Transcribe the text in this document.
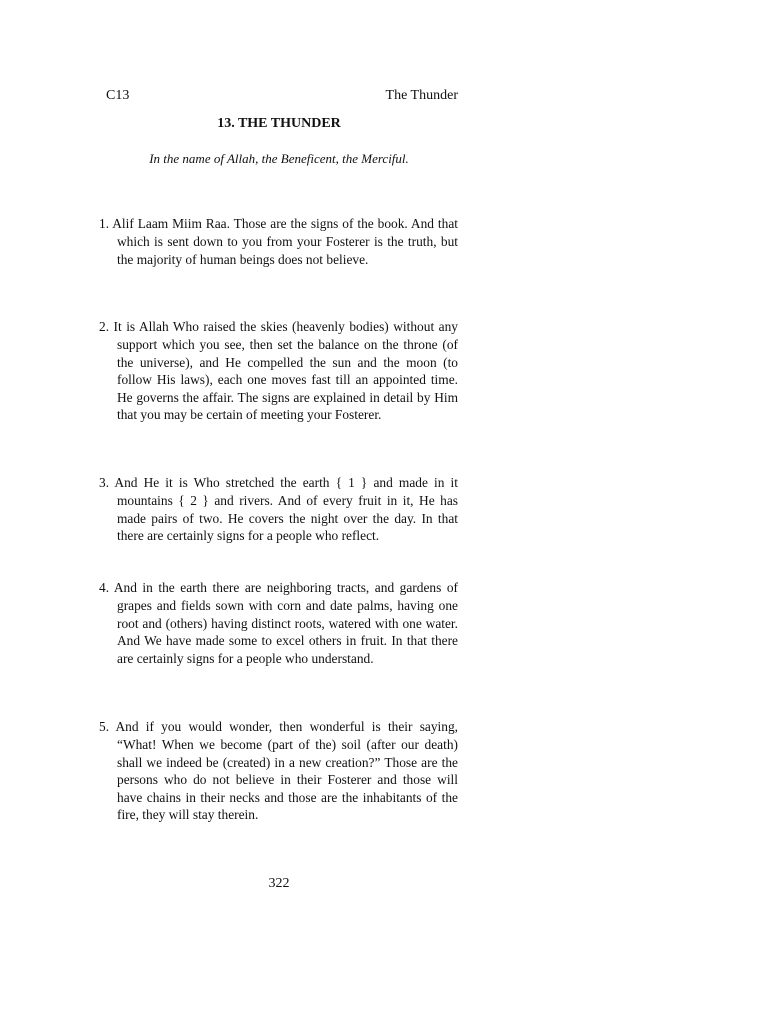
C13	The Thunder
13. THE THUNDER
In the name of Allah, the Beneficent, the Merciful.

1. Alif Laam Miim Raa. Those are the signs of the book. And that which is sent down to you from your Fosterer is the truth, but the majority of human beings does not believe.

2. It is Allah Who raised the skies (heavenly bodies) without any support which you see, then set the balance on the throne (of the universe), and He compelled the sun and the moon (to follow His laws), each one moves fast till an appointed time. He governs the affair. The signs are explained in detail by Him that you may be certain of meeting your Fosterer.

3. And He it is Who stretched the earth { 1 } and made in it mountains { 2 } and rivers. And of every fruit in it, He has made pairs of two. He covers the night over the day. In that there are certainly signs for a people who reflect.

4. And in the earth there are neighboring tracts, and gardens of grapes and fields sown with corn and date palms, having one root and (others) having distinct roots, watered with one water. And We have made some to excel others in fruit. In that there are certainly signs for a people who understand.

5. And if you would wonder, then wonderful is their saying, “What! When we become (part of the) soil (after our death) shall we indeed be (created) in a new creation?” Those are the persons who do not believe in their Fosterer and those will have chains in their necks and those are the inhabitants of the fire, they will stay therein.

322
